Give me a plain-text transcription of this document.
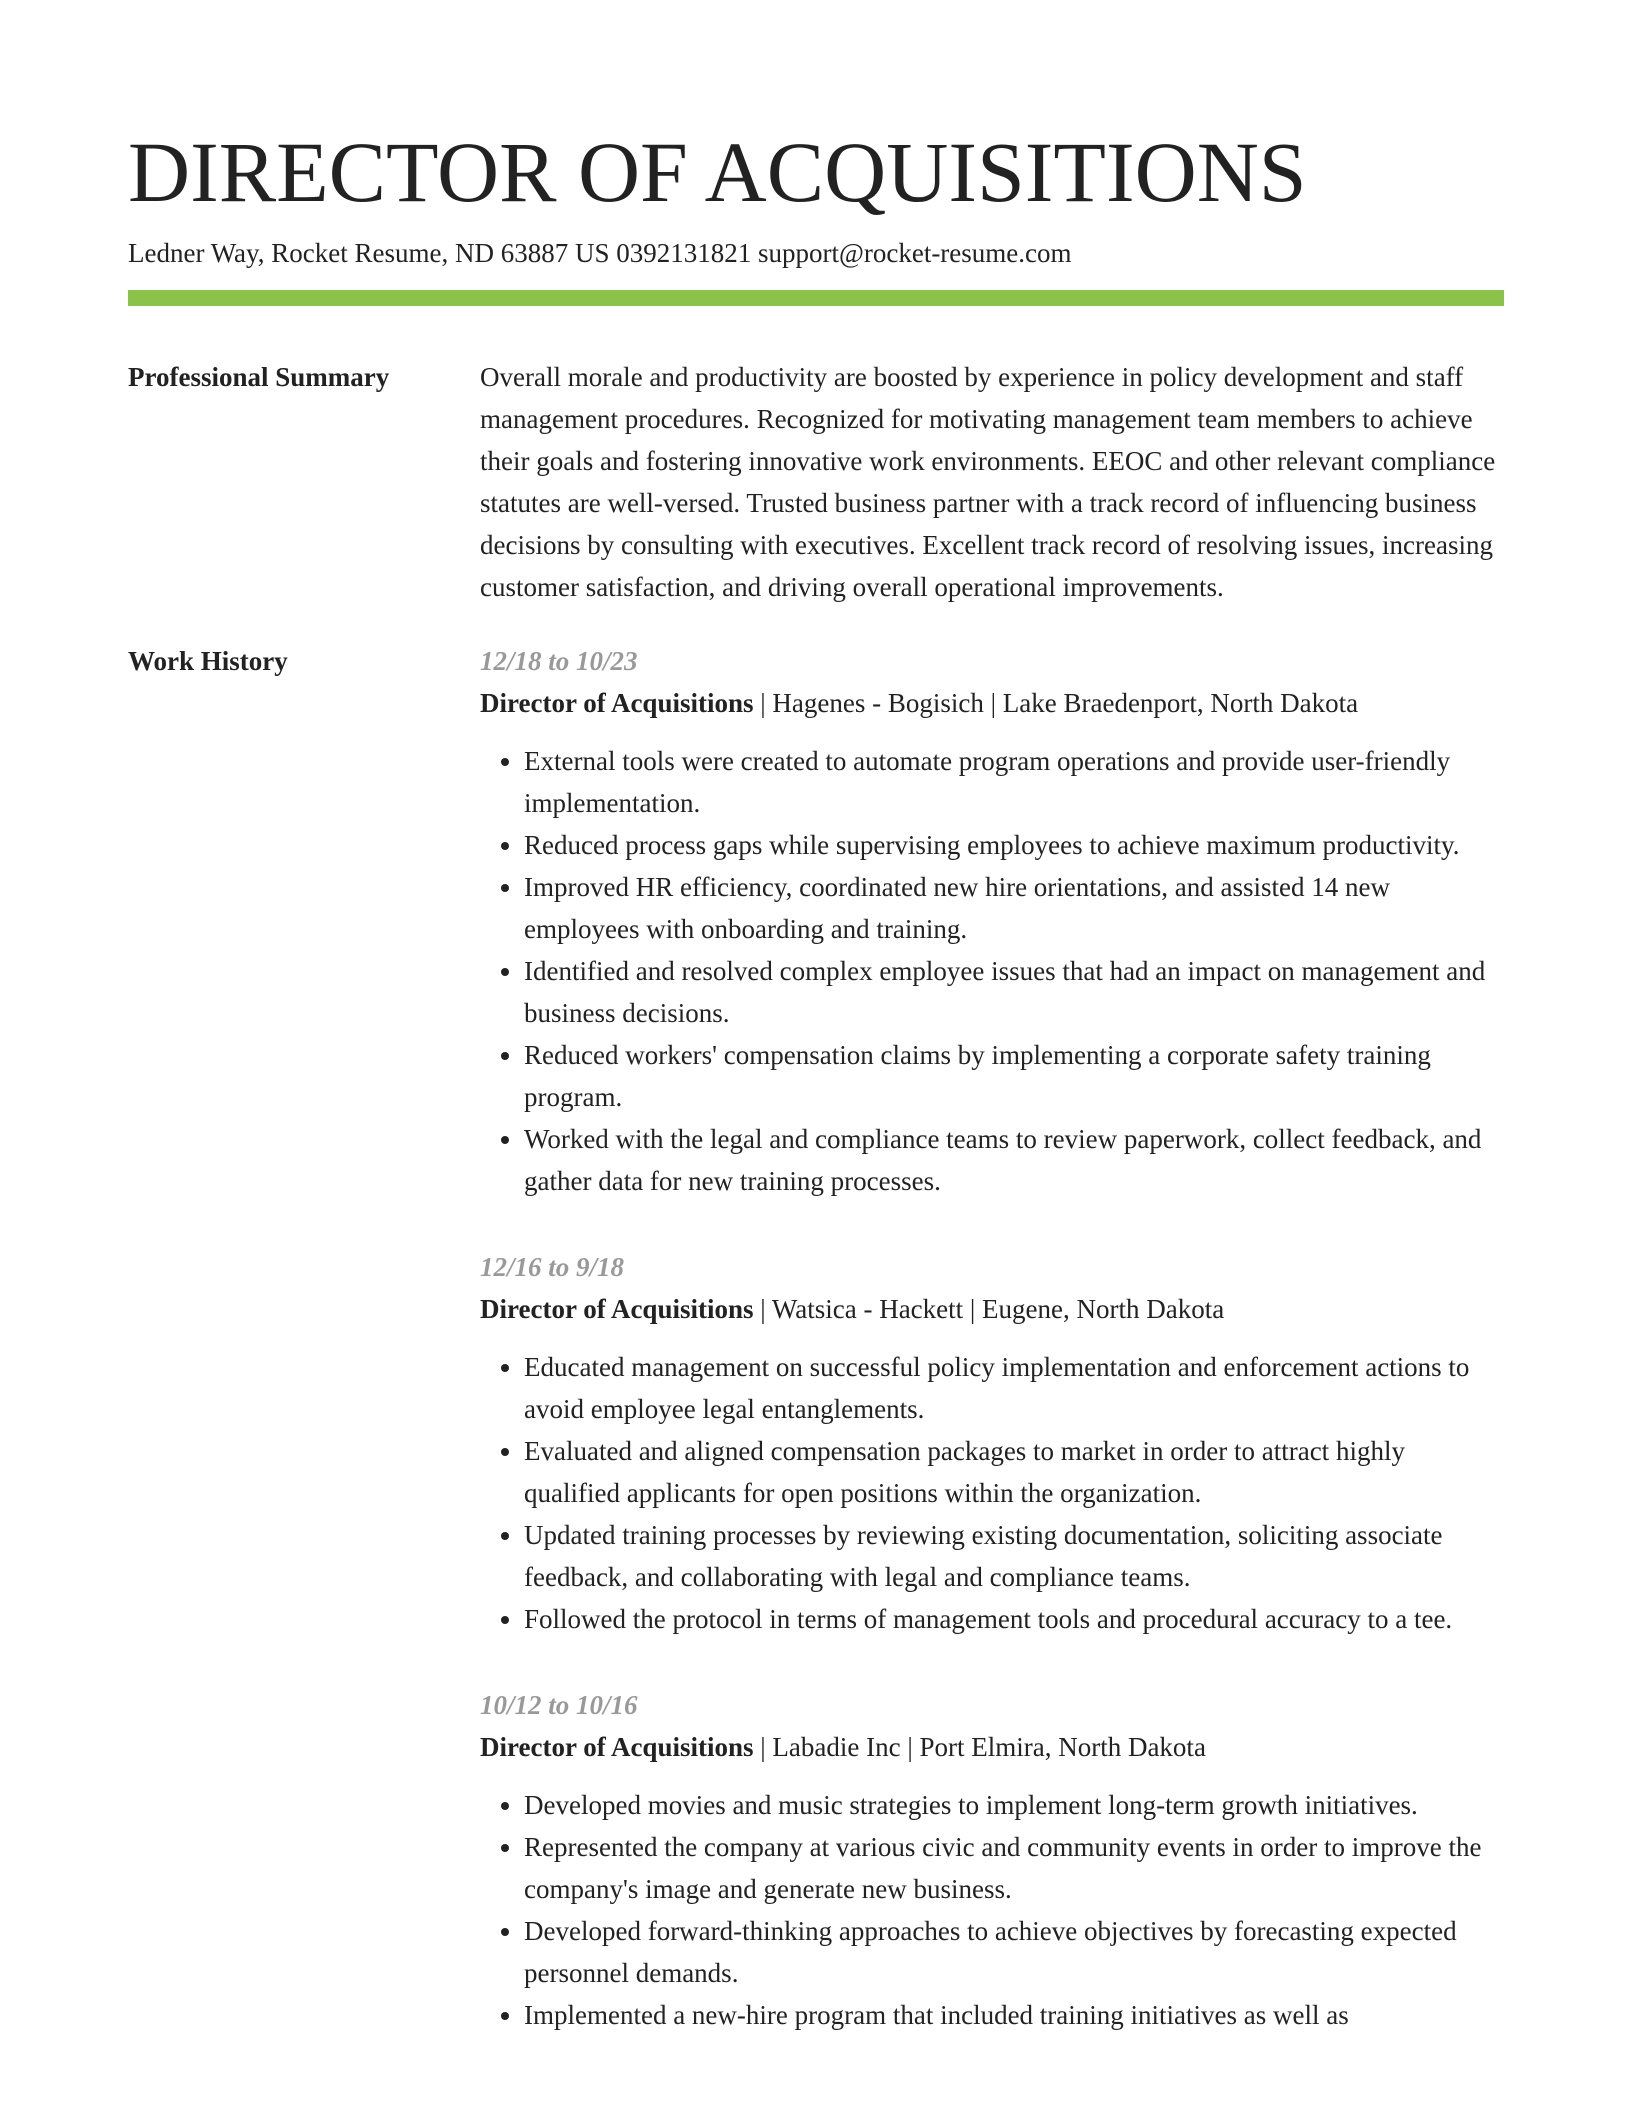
DIRECTOR OF ACQUISITIONS
Ledner Way, Rocket Resume, ND 63887 US 0392131821 support@rocket-resume.com
Professional Summary	Overall morale and productivity are boosted by experience in policy development and staff management procedures. Recognized for motivating management team members to achieve their goals and fostering innovative work environments. EEOC and other relevant compliance statutes are well-versed. Trusted business partner with a track record of influencing business decisions by consulting with executives. Excellent track record of resolving issues, increasing customer satisfaction, and driving overall operational improvements.

Work History	12/18 to 10/23
Director of Acquisitions | Hagenes - Bogisich | Lake Braedenport, North Dakota
• External tools were created to automate program operations and provide user-friendly implementation.
• Reduced process gaps while supervising employees to achieve maximum productivity.
• Improved HR efficiency, coordinated new hire orientations, and assisted 14 new employees with onboarding and training.
• Identified and resolved complex employee issues that had an impact on management and business decisions.
• Reduced workers' compensation claims by implementing a corporate safety training program.
• Worked with the legal and compliance teams to review paperwork, collect feedback, and gather data for new training processes.
12/16 to 9/18
Director of Acquisitions | Watsica - Hackett | Eugene, North Dakota
• Educated management on successful policy implementation and enforcement actions to avoid employee legal entanglements.
• Evaluated and aligned compensation packages to market in order to attract highly qualified applicants for open positions within the organization.
• Updated training processes by reviewing existing documentation, soliciting associate feedback, and collaborating with legal and compliance teams.
• Followed the protocol in terms of management tools and procedural accuracy to a tee.
10/12 to 10/16
Director of Acquisitions | Labadie Inc | Port Elmira, North Dakota
• Developed movies and music strategies to implement long-term growth initiatives.
• Represented the company at various civic and community events in order to improve the company's image and generate new business.
• Developed forward-thinking approaches to achieve objectives by forecasting expected personnel demands.
• Implemented a new-hire program that included training initiatives as well as
